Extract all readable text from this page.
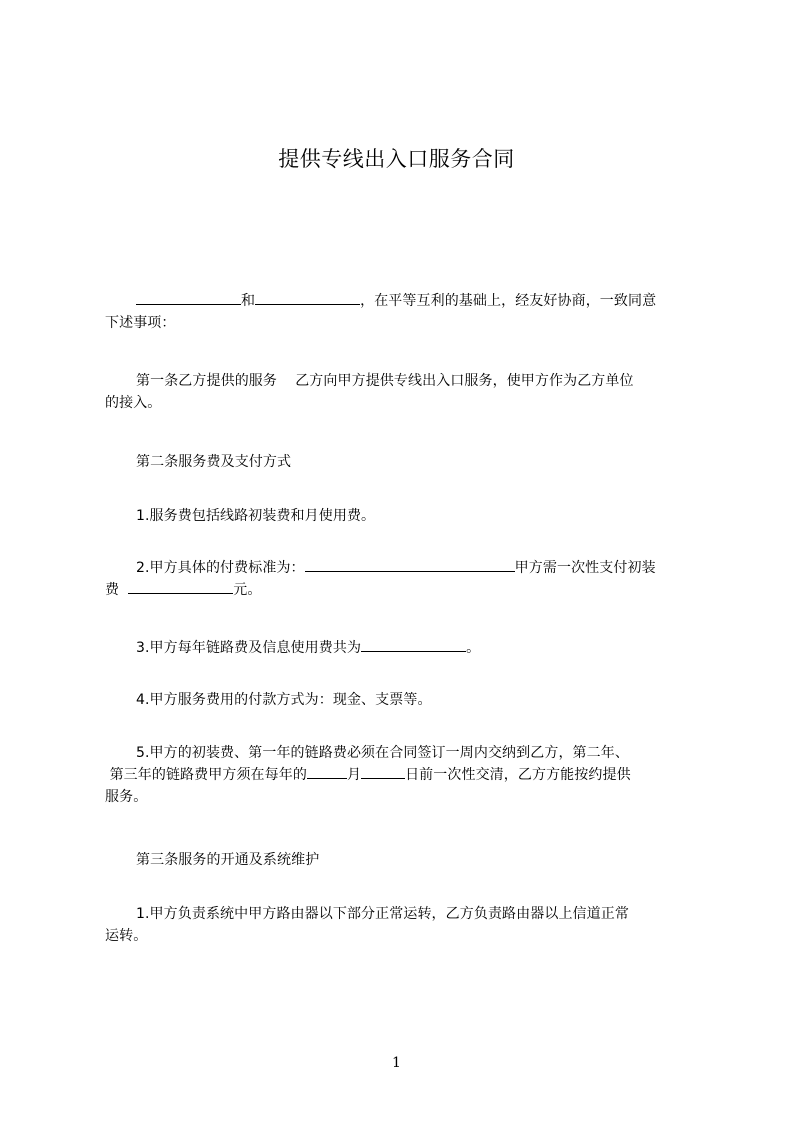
提供专线出入口服务合同
和	，在平等互利的基础上，经友好协商，一致同意
下述事项：
第一条乙方提供的服务 乙方向甲方提供专线出入口服务，使甲方作为乙方单位
的接入。
第二条服务费及支付方式
1.服务费包括线路初装费和月使用费。
2.甲方具体的付费标准为：	甲方需一次性支付初装
费	元。
3.甲方每年链路费及信息使用费共为	。
4.甲方服务费用的付款方式为：现金、支票等。
5.甲方的初装费、第一年的链路费必须在合同签订一周内交纳到乙方，第二年、
第三年的链路费甲方须在每年的	月	日前一次性交清，乙方方能按约提供
服务。
第三条服务的开通及系统维护
1.甲方负责系统中甲方路由器以下部分正常运转，乙方负责路由器以上信道正常
运转。
1
